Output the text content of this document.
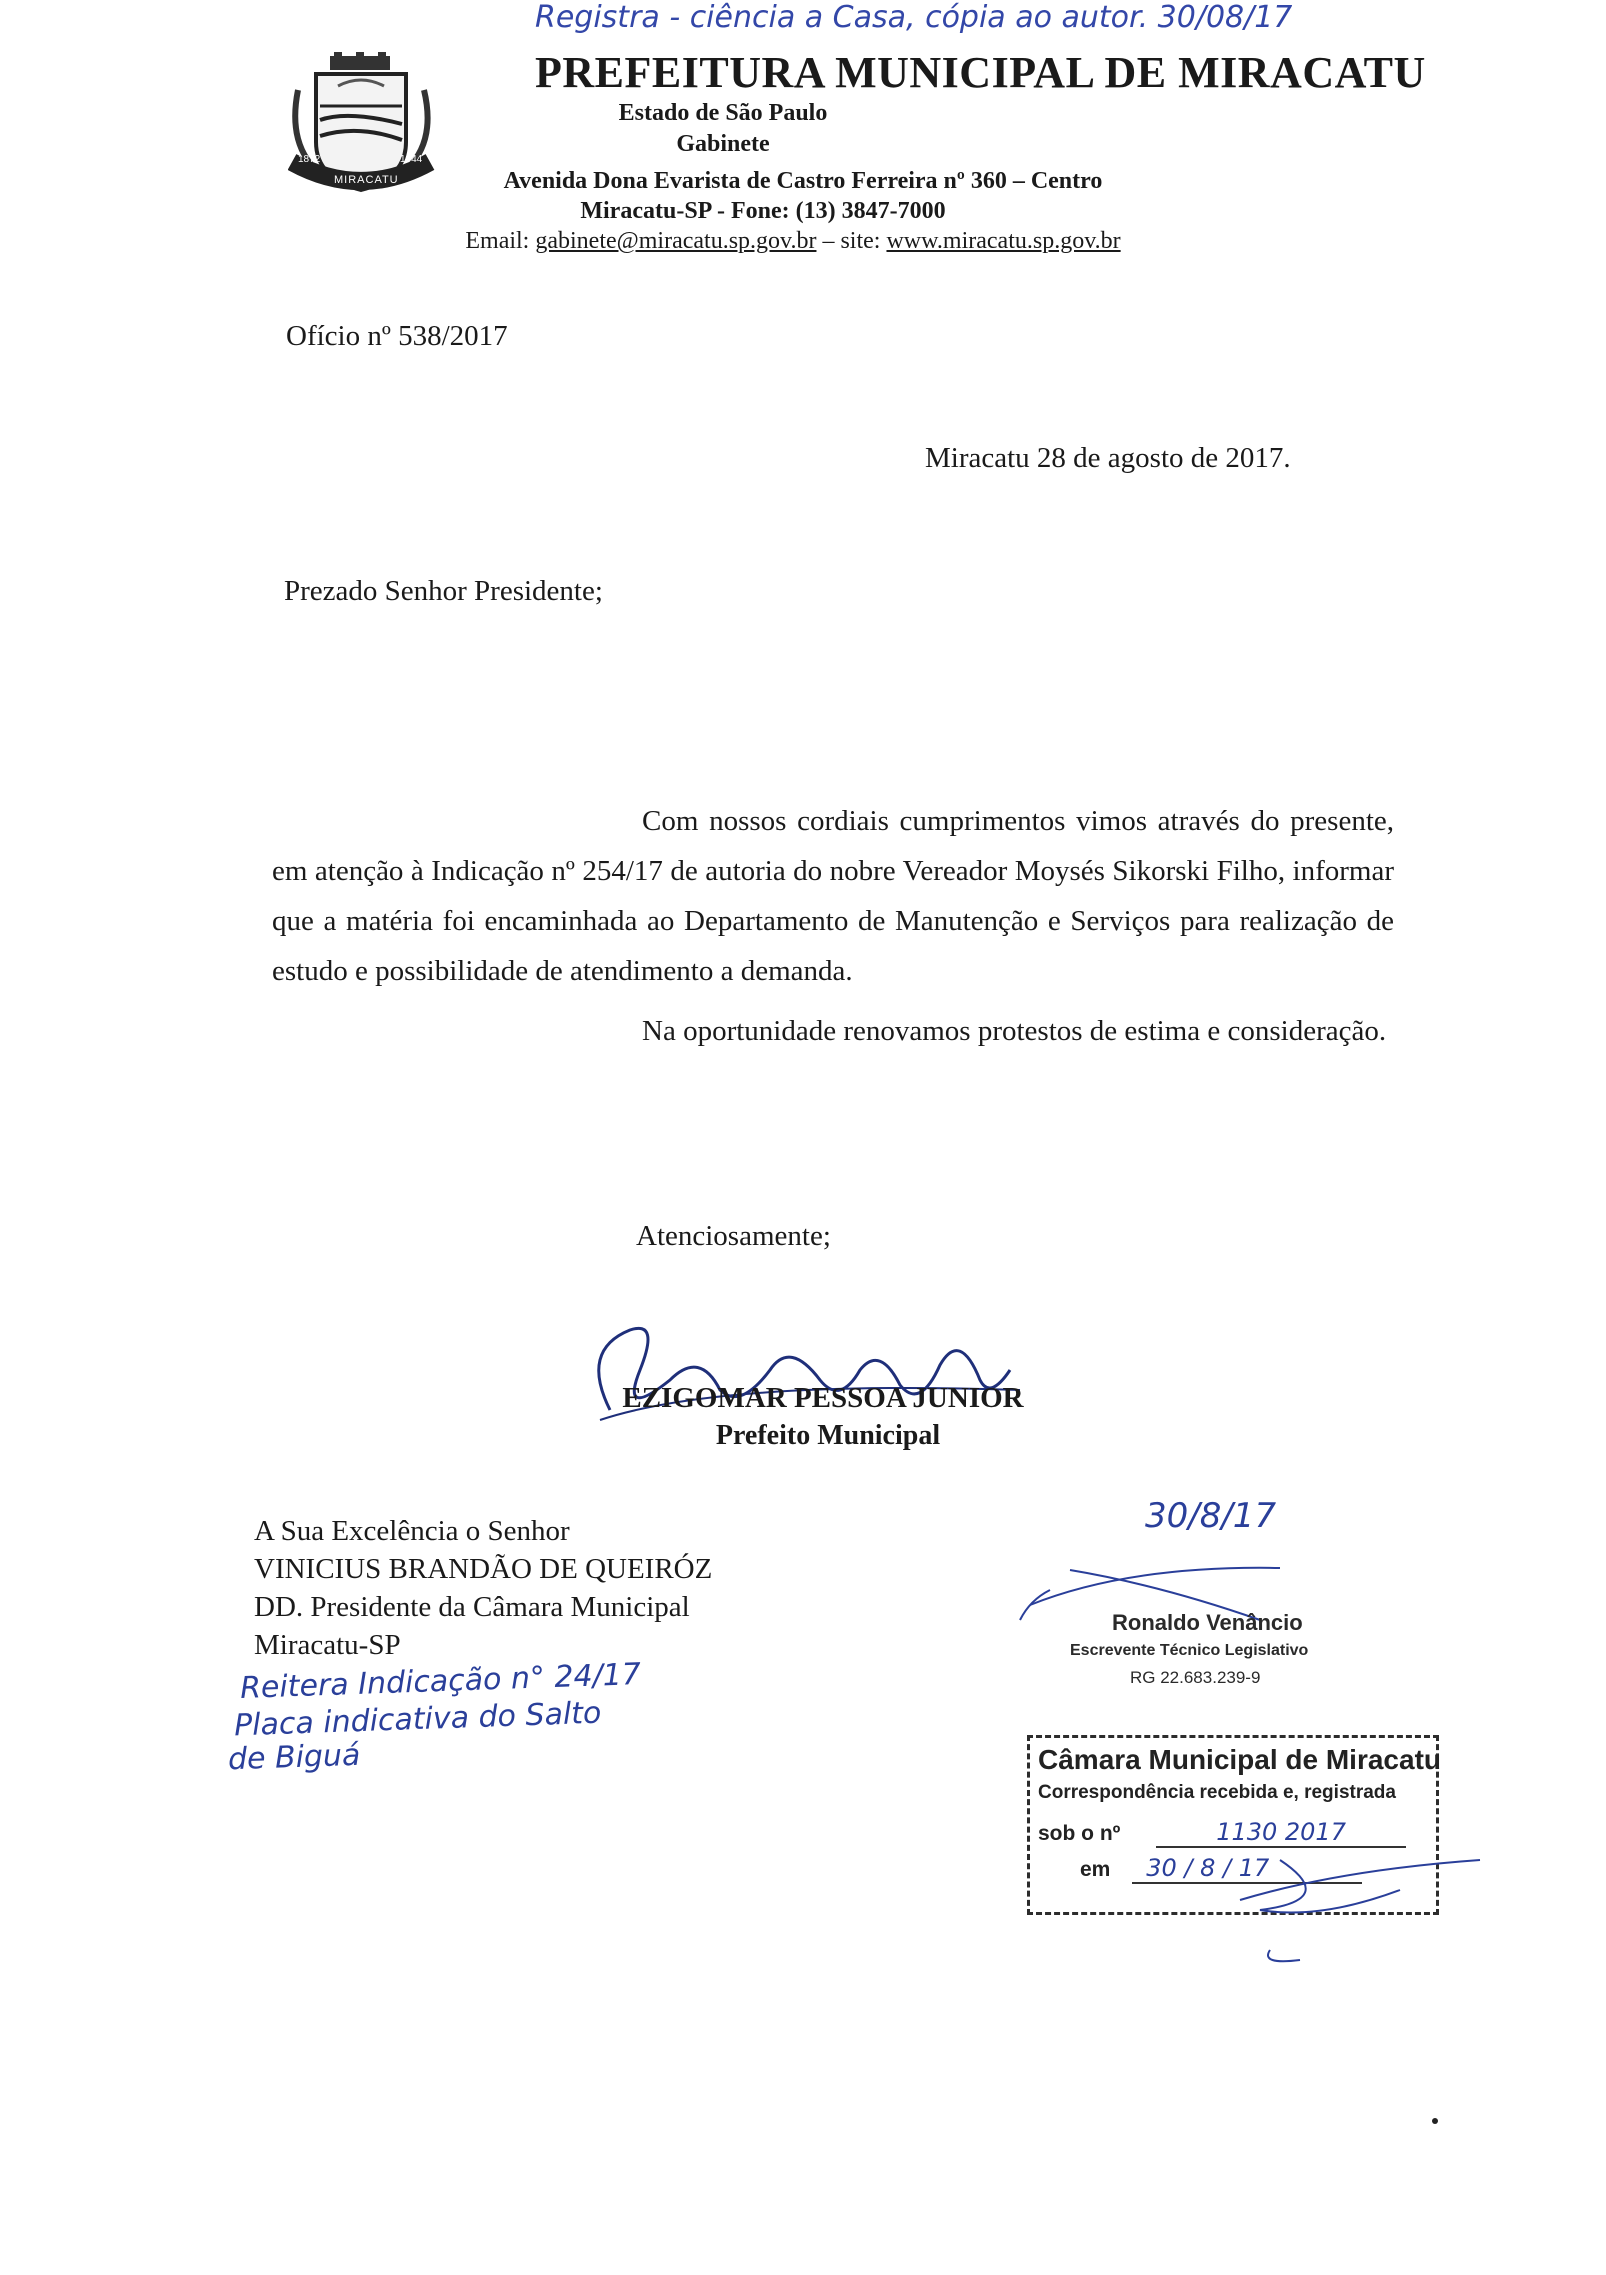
Registra - ciência a Casa, cópia ao autor. 30/08/17
1872	1944
MIRACATU
PREFEITURA MUNICIPAL DE MIRACATU
Estado de São Paulo
Gabinete
Avenida Dona Evarista de Castro Ferreira nº 360 – Centro
Miracatu-SP - Fone: (13) 3847-7000
Email: gabinete@miracatu.sp.gov.br – site: www.miracatu.sp.gov.br
Ofício nº 538/2017
Miracatu 28 de agosto de 2017.
Prezado Senhor Presidente;
Com nossos cordiais cumprimentos vimos através do presente, em atenção à Indicação nº 254/17 de autoria do nobre Vereador Moysés Sikorski Filho, informar que a matéria foi encaminhada ao Departamento de Manutenção e Serviços para realização de estudo e possibilidade de atendimento a demanda.
Na oportunidade renovamos protestos de estima e consideração.
Atenciosamente;
EZIGOMAR PESSOA JUNIOR
Prefeito Municipal
A Sua Excelência o Senhor
VINICIUS BRANDÃO DE QUEIRÓZ
DD. Presidente da Câmara Municipal
Miracatu-SP
Reitera Indicação n° 24/17
Placa indicativa do Salto
de Biguá
30/8/17
Ronaldo Venâncio
Escrevente Técnico Legislativo
RG 22.683.239-9
Câmara Municipal de Miracatu
Correspondência recebida e, registrada
sob o nº	1130 2017
em 30 / 8 / 17
